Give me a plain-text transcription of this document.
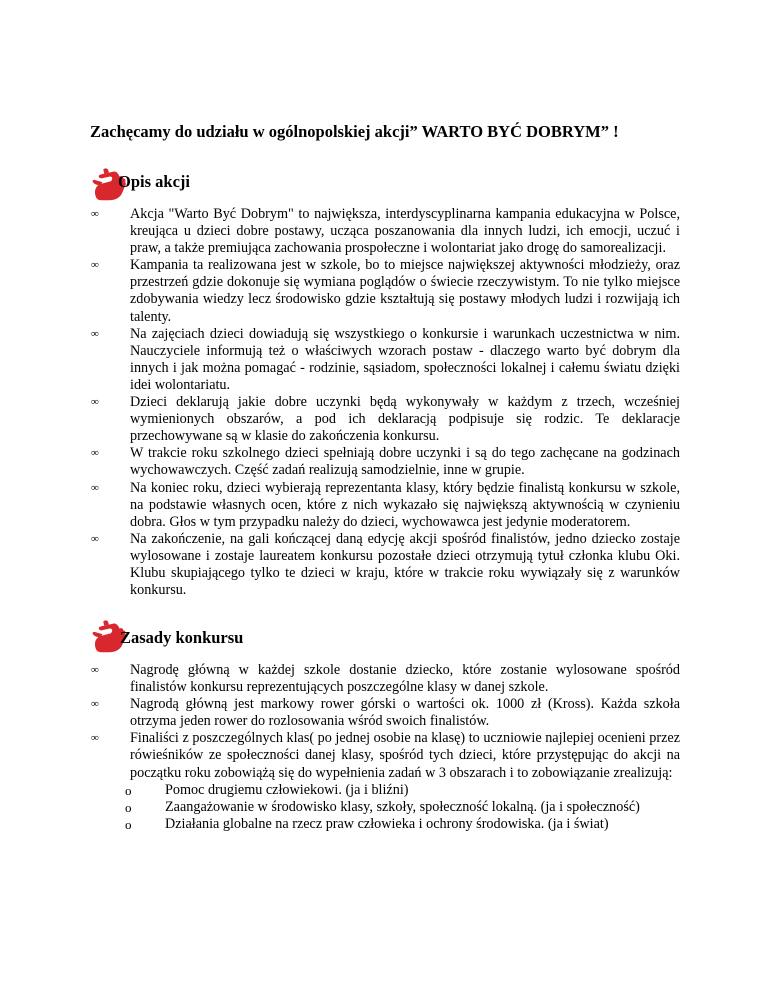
Zachęcamy do udziału w ogólnopolskiej akcji” WARTO BYĆ DOBRYM” !
Opis akcji
∞ Akcja "Warto Być Dobrym" to największa, interdyscyplinarna kampania edukacyjna w Polsce, kreująca u dzieci dobre postawy, ucząca poszanowania dla innych ludzi, ich emocji, uczuć i praw, a także premiująca zachowania prospołeczne i wolontariat jako drogę do samorealizacji.
∞ Kampania ta realizowana jest w szkole, bo to miejsce największej aktywności młodzieży, oraz przestrzeń gdzie dokonuje się wymiana poglądów o świecie rzeczywistym. To nie tylko miejsce zdobywania wiedzy lecz środowisko gdzie kształtują się postawy młodych ludzi i rozwijają ich talenty.
∞ Na zajęciach dzieci dowiadują się wszystkiego o konkursie i warunkach uczestnictwa w nim. Nauczyciele informują też o właściwych wzorach postaw - dlaczego warto być dobrym dla innych i jak można pomagać - rodzinie, sąsiadom, społeczności lokalnej i całemu światu dzięki idei wolontariatu.
∞ Dzieci deklarują jakie dobre uczynki będą wykonywały w każdym z trzech, wcześniej wymienionych obszarów, a pod ich deklaracją podpisuje się rodzic. Te deklaracje przechowywane są w klasie do zakończenia konkursu.
∞ W trakcie roku szkolnego dzieci spełniają dobre uczynki i są do tego zachęcane na godzinach wychowawczych. Część zadań realizują samodzielnie, inne w grupie.
∞ Na koniec roku, dzieci wybierają reprezentanta klasy, który będzie finalistą konkursu w szkole, na podstawie własnych ocen, które z nich wykazało się największą aktywnością w czynieniu dobra. Głos w tym przypadku należy do dzieci, wychowawca jest jedynie moderatorem.
∞ Na zakończenie, na gali kończącej daną edycję akcji spośród finalistów, jedno dziecko zostaje wylosowane i zostaje laureatem konkursu pozostałe dzieci otrzymują tytuł członka klubu Oki. Klubu skupiającego tylko te dzieci w kraju, które w trakcie roku wywiązały się z warunków konkursu.
Zasady konkursu
∞ Nagrodę główną w każdej szkole dostanie dziecko, które zostanie wylosowane spośród finalistów konkursu reprezentujących poszczególne klasy w danej szkole.
∞ Nagrodą główną jest markowy rower górski o wartości ok. 1000 zł (Kross). Każda szkoła otrzyma jeden rower do rozlosowania wśród swoich finalistów.
∞ Finaliści z poszczególnych klas( po jednej osobie na klasę) to uczniowie najlepiej ocenieni przez rówieśników ze społeczności danej klasy, spośród tych dzieci, które przystępując do akcji na początku roku zobowiążą się do wypełnienia zadań w 3 obszarach i to zobowiązanie zrealizują:
o Pomoc drugiemu człowiekowi. (ja i bliźni)
o Zaangażowanie w środowisko klasy, szkoły, społeczność lokalną. (ja i społeczność)
o Działania globalne na rzecz praw człowieka i ochrony środowiska. (ja i świat)
